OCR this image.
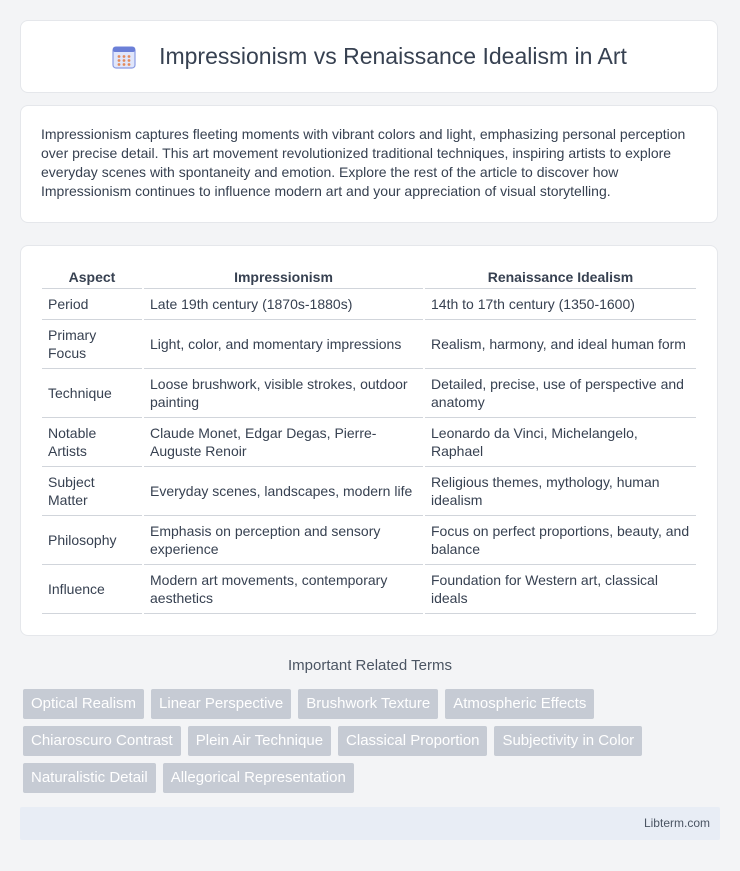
Impressionism vs Renaissance Idealism in Art

Impressionism captures fleeting moments with vibrant colors and light, emphasizing personal perception over precise detail. This art movement revolutionized traditional techniques, inspiring artists to explore everyday scenes with spontaneity and emotion. Explore the rest of the article to discover how Impressionism continues to influence modern art and your appreciation of visual storytelling.

Aspect	Impressionism	Renaissance Idealism
Period	Late 19th century (1870s-1880s)	14th to 17th century (1350-1600)
Primary Focus	Light, color, and momentary impressions	Realism, harmony, and ideal human form
Technique	Loose brushwork, visible strokes, outdoor painting	Detailed, precise, use of perspective and anatomy
Notable Artists	Claude Monet, Edgar Degas, Pierre-Auguste Renoir	Leonardo da Vinci, Michelangelo, Raphael
Subject Matter	Everyday scenes, landscapes, modern life	Religious themes, mythology, human idealism
Philosophy	Emphasis on perception and sensory experience	Focus on perfect proportions, beauty, and balance
Influence	Modern art movements, contemporary aesthetics	Foundation for Western art, classical ideals
Important Related Terms
Optical Realism	Linear Perspective	Brushwork Texture	Atmospheric Effects
Chiaroscuro Contrast	Plein Air Technique	Classical Proportion	Subjectivity in Color
Naturalistic Detail	Allegorical Representation
Libterm.com
